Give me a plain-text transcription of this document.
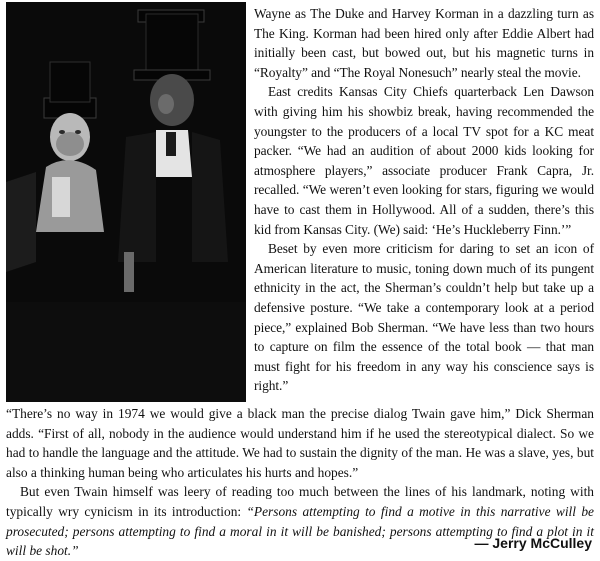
Wayne as The Duke and Harvey Korman in a dazzling turn as The King. Korman had been hired only after Eddie Albert had initially been cast, but bowed out, but his magnetic turns in “Royalty” and “The Royal Nonesuch” nearly steal the movie.

East credits Kansas City Chiefs quarterback Len Dawson with giving him his showbiz break, having recommended the youngster to the producers of a local TV spot for a KC meat packer. “We had an audition of about 2000 kids looking for atmosphere players,” associate producer Frank Capra, Jr. recalled. “We weren’t even looking for stars, figuring we would have to cast them in Hollywood. All of a sudden, there’s this kid from Kansas City. (We) said: ‘He’s Huckleberry Finn.’”

Beset by even more criticism for daring to set an icon of American literature to music, toning down much of its pungent ethnicity in the act, the Sherman’s couldn’t help but take up a defensive posture. “We take a contemporary look at a period piece,” explained Bob Sherman. “We have less than two hours to capture on film the essence of the total book — that man must fight for his freedom in any way his conscience says is right.”

“There’s no way in 1974 we would give a black man the precise dialog Twain gave him,” Dick Sherman adds. “First of all, nobody in the audience would understand him if he used the stereotypical dialect. So we had to handle the language and the attitude. We had to sustain the dignity of the man. He was a slave, yes, but also a thinking human being who articulates his hurts and hopes.”

But even Twain himself was leery of reading too much between the lines of his landmark, noting with typically wry cynicism in its introduction: “Persons attempting to find a motive in this narrative will be prosecuted; persons attempting to find a moral in it will be banished; persons attempting to find a plot in it will be shot.”	— Jerry McCulley
